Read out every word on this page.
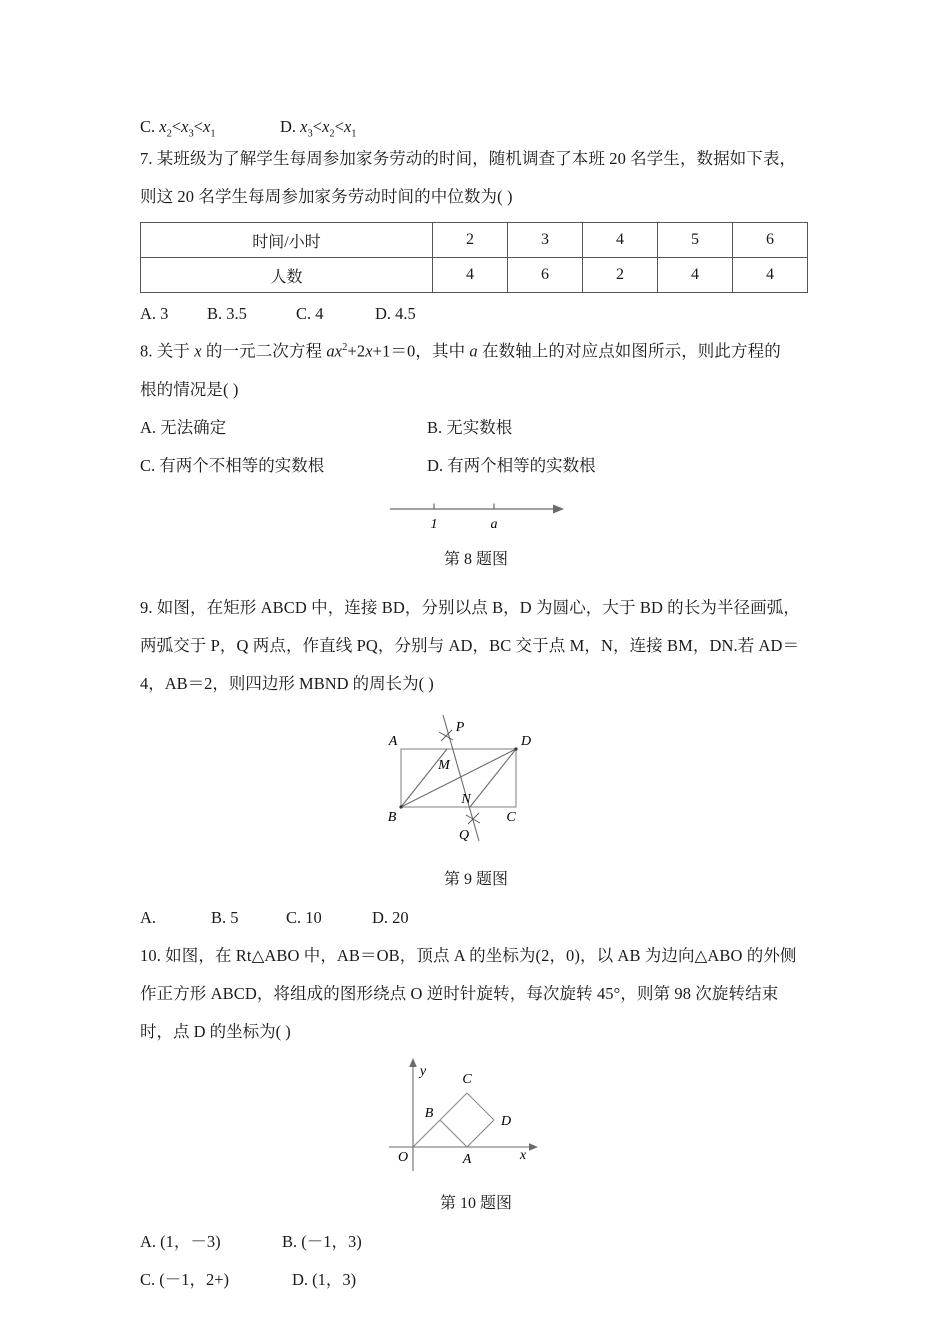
C. $x_2<x_3<x_1$	D. $x_3<x_2<x_1$
7. 某班级为了解学生每周参加家务劳动的时间，随机调查了本班 20 名学生，数据如下表，
则这 20 名学生每周参加家务劳动时间的中位数为( )
时间/小时	2	3	4	5	6
人数	4	6	2	4	4
A. 3 B. 3.5	C. 4	D. 4.5
8. 关于 x 的一元二次方程 $ax^2+2x+1=0$，其中 a 在数轴上的对应点如图所示，则此方程的
根的情况是( )
A. 无法确定	B. 无实数根
C. 有两个不相等的实数根	D. 有两个相等的实数根
1	a
第 8 题图
9. 如图，在矩形 ABCD 中，连接 BD，分别以点 B，D 为圆心，大于 BD 的长为半径画弧，
两弧交于 P，Q 两点，作直线 PQ，分别与 AD，BC 交于点 M，N，连接 BM，DN.若 AD＝
4，AB＝2，则四边形 MBND 的周长为( )
A	D
B	C
P
Q
M
N
第 9 题图
A.	B. 5	C. 10	D. 20
10. 如图，在 Rt△ABO 中，AB＝OB，顶点 A 的坐标为(2，0)，以 AB 为边向△ABO 的外侧
作正方形 ABCD，将组成的图形绕点 O 逆时针旋转，每次旋转 45°，则第 98 次旋转结束
时，点 D 的坐标为( )
y
x
O	A
B
C
D
第 10 题图
A. (1，－3)	B. (－1，3)
C. (－1，2+)	D. (1，3)
